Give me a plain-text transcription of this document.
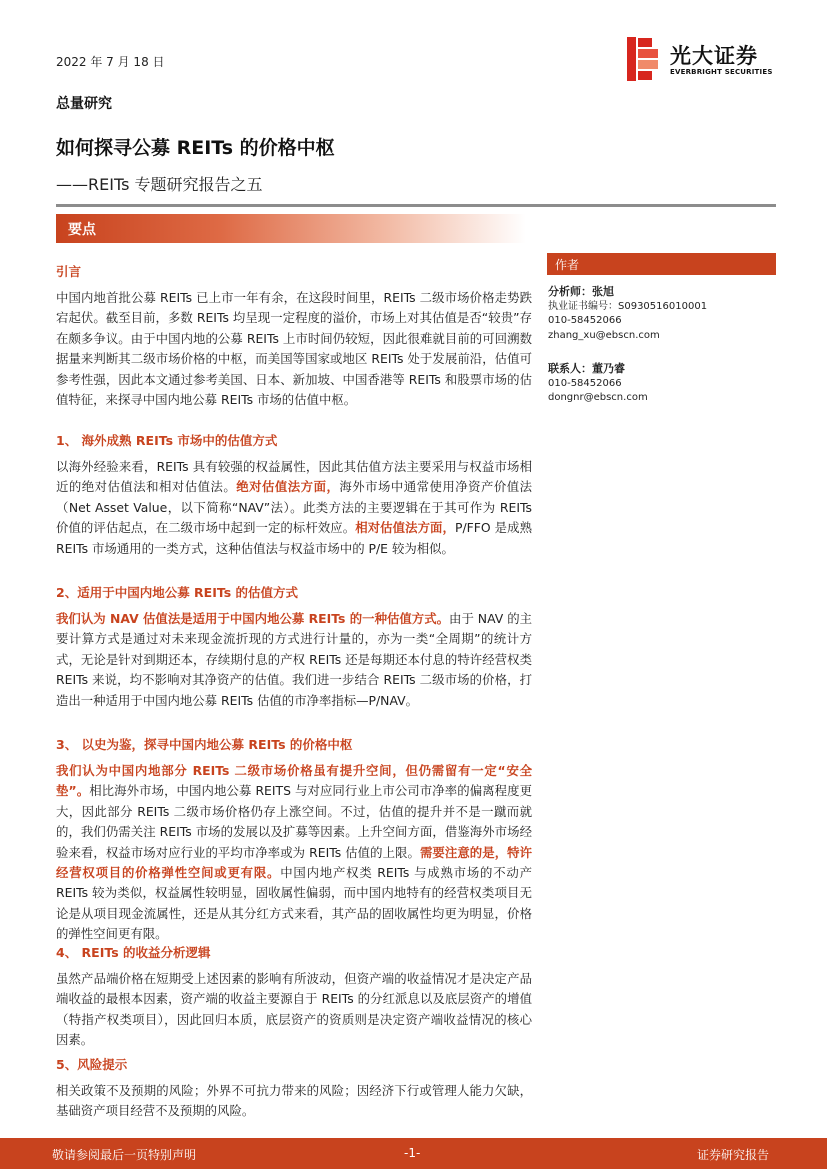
2022 年 7 月 18 日	光大证券
EVERBRIGHT SECURITIES
总量研究
如何探寻公募 REITs 的价格中枢
——REITs 专题研究报告之五
要点
作者
分析师：张旭
执业证书编号：S0930516010001
010-58452066
zhang_xu@ebscn.com
联系人：董乃睿
010-58452066
dongnr@ebscn.com
引言

中国内地首批公募 REITs 已上市一年有余，在这段时间里，REITs 二级市场价格走势跌宕起伏。截至目前，多数 REITs 均呈现一定程度的溢价，市场上对其估值是否“较贵”存在颇多争议。由于中国内地的公募 REITs 上市时间仍较短，因此很难就目前的可回溯数据量来判断其二级市场价格的中枢，而美国等国家或地区 REITs 处于发展前沿，估值可参考性强，因此本文通过参考美国、日本、新加坡、中国香港等 REITs 和股票市场的估值特征，来探寻中国内地公募 REITs 市场的估值中枢。

1、 海外成熟 REITs 市场中的估值方式

以海外经验来看，REITs 具有较强的权益属性，因此其估值方法主要采用与权益市场相近的绝对估值法和相对估值法。绝对估值法方面，海外市场中通常使用净资产价值法（Net Asset Value，以下简称“NAV”法）。此类方法的主要逻辑在于其可作为 REITs 价值的评估起点，在二级市场中起到一定的标杆效应。相对估值法方面，P/FFO 是成熟 REITs 市场通用的一类方式，这种估值法与权益市场中的 P/E 较为相似。

2、适用于中国内地公募 REITs 的估值方式

我们认为 NAV 估值法是适用于中国内地公募 REITs 的一种估值方式。由于 NAV 的主要计算方式是通过对未来现金流折现的方式进行计量的，亦为一类“全周期”的统计方式，无论是针对到期还本，存续期付息的产权 REITs 还是每期还本付息的特许经营权类 REITs 来说，均不影响对其净资产的估值。我们进一步结合 REITs 二级市场的价格，打造出一种适用于中国内地公募 REITs 估值的市净率指标—P/NAV。

3、 以史为鉴，探寻中国内地公募 REITs 的价格中枢

我们认为中国内地部分 REITs 二级市场价格虽有提升空间，但仍需留有一定“安全垫”。相比海外市场，中国内地公募 REITS 与对应同行业上市公司市净率的偏离程度更大，因此部分 REITs 二级市场价格仍存上涨空间。不过，估值的提升并不是一蹴而就的，我们仍需关注 REITs 市场的发展以及扩募等因素。上升空间方面，借鉴海外市场经验来看，权益市场对应行业的平均市净率或为 REITs 估值的上限。需要注意的是，特许经营权项目的价格弹性空间或更有限。中国内地产权类 REITs 与成熟市场的不动产 REITs 较为类似，权益属性较明显，固收属性偏弱，而中国内地特有的经营权类项目无论是从项目现金流属性，还是从其分红方式来看，其产品的固收属性均更为明显，价格的弹性空间更有限。

4、 REITs 的收益分析逻辑

虽然产品端价格在短期受上述因素的影响有所波动，但资产端的收益情况才是决定产品端收益的最根本因素，资产端的收益主要源自于 REITs 的分红派息以及底层资产的增值（特指产权类项目），因此回归本质，底层资产的资质则是决定资产端收益情况的核心因素。

5、风险提示

相关政策不及预期的风险；外界不可抗力带来的风险；因经济下行或管理人能力欠缺，基础资产项目经营不及预期的风险。

敬请参阅最后一页特别声明	-1-	证券研究报告
